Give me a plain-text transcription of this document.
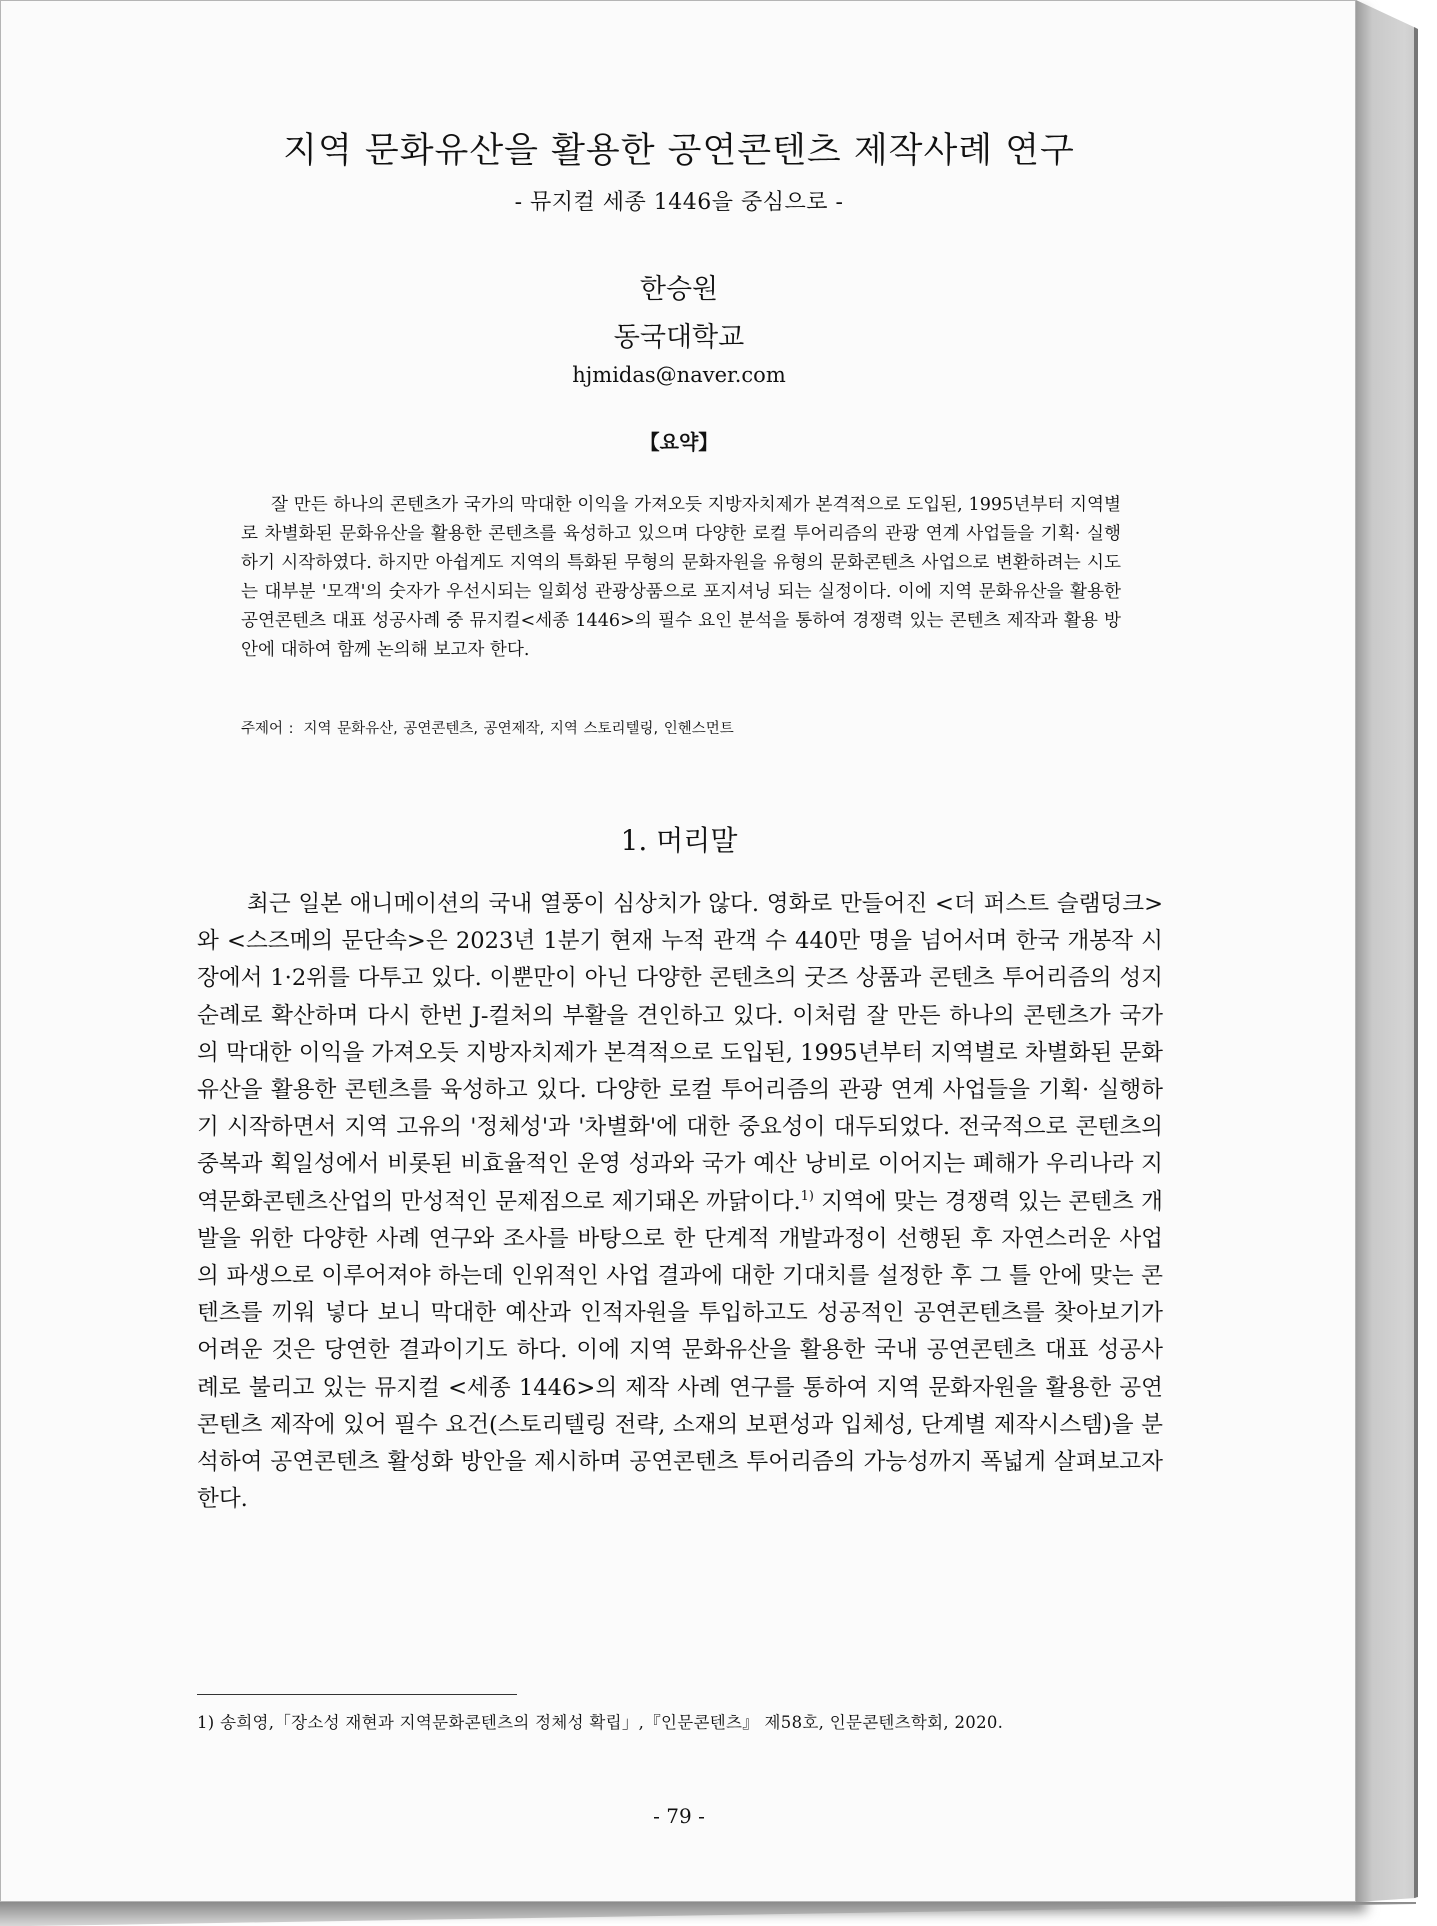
지역 문화유산을 활용한 공연콘텐츠 제작사례 연구
- 뮤지컬 세종 1446을 중심으로 -
한승원
동국대학교
hjmidas@naver.com
【요약】

잘 만든 하나의 콘텐츠가 국가의 막대한 이익을 가져오듯 지방자치제가 본격적으로 도입된, 1995년부터 지역별로 차별화된 문화유산을 활용한 콘텐츠를 육성하고 있으며 다양한 로컬 투어리즘의 관광 연계 사업들을 기획· 실행하기 시작하였다. 하지만 아쉽게도 지역의 특화된 무형의 문화자원을 유형의 문화콘텐츠 사업으로 변환하려는 시도는 대부분 '모객'의 숫자가 우선시되는 일회성 관광상품으로 포지셔닝 되는 실정이다. 이에 지역 문화유산을 활용한 공연콘텐츠 대표 성공사례 중 뮤지컬<세종 1446>의 필수 요인 분석을 통하여 경쟁력 있는 콘텐츠 제작과 활용 방안에 대하여 함께 논의해 보고자 한다.

주제어 : 지역 문화유산, 공연콘텐츠, 공연제작, 지역 스토리텔링, 인헨스먼트
1. 머리말

최근 일본 애니메이션의 국내 열풍이 심상치가 않다. 영화로 만들어진 <더 퍼스트 슬램덩크>와 <스즈메의 문단속>은 2023년 1분기 현재 누적 관객 수 440만 명을 넘어서며 한국 개봉작 시장에서 1·2위를 다투고 있다. 이뿐만이 아닌 다양한 콘텐츠의 굿즈 상품과 콘텐츠 투어리즘의 성지 순례로 확산하며 다시 한번 J-컬처의 부활을 견인하고 있다. 이처럼 잘 만든 하나의 콘텐츠가 국가의 막대한 이익을 가져오듯 지방자치제가 본격적으로 도입된, 1995년부터 지역별로 차별화된 문화유산을 활용한 콘텐츠를 육성하고 있다. 다양한 로컬 투어리즘의 관광 연계 사업들을 기획· 실행하기 시작하면서 지역 고유의 '정체성'과 '차별화'에 대한 중요성이 대두되었다. 전국적으로 콘텐츠의 중복과 획일성에서 비롯된 비효율적인 운영 성과와 국가 예산 낭비로 이어지는 폐해가 우리나라 지역문화콘텐츠산업의 만성적인 문제점으로 제기돼온 까닭이다.$^{1)}$ 지역에 맞는 경쟁력 있는 콘텐츠 개발을 위한 다양한 사례 연구와 조사를 바탕으로 한 단계적 개발과정이 선행된 후 자연스러운 사업의 파생으로 이루어져야 하는데 인위적인 사업 결과에 대한 기대치를 설정한 후 그 틀 안에 맞는 콘텐츠를 끼워 넣다 보니 막대한 예산과 인적자원을 투입하고도 성공적인 공연콘텐츠를 찾아보기가 어려운 것은 당연한 결과이기도 하다. 이에 지역 문화유산을 활용한 국내 공연콘텐츠 대표 성공사례로 불리고 있는 뮤지컬 <세종 1446>의 제작 사례 연구를 통하여 지역 문화자원을 활용한 공연콘텐츠 제작에 있어 필수 요건(스토리텔링 전략, 소재의 보편성과 입체성, 단계별 제작시스템)을 분석하여 공연콘텐츠 활성화 방안을 제시하며 공연콘텐츠 투어리즘의 가능성까지 폭넓게 살펴보고자 한다.

1) 송희영,「장소성 재현과 지역문화콘텐츠의 정체성 확립」,『인문콘텐츠』 제58호, 인문콘텐츠학회, 2020.
- 79 -
